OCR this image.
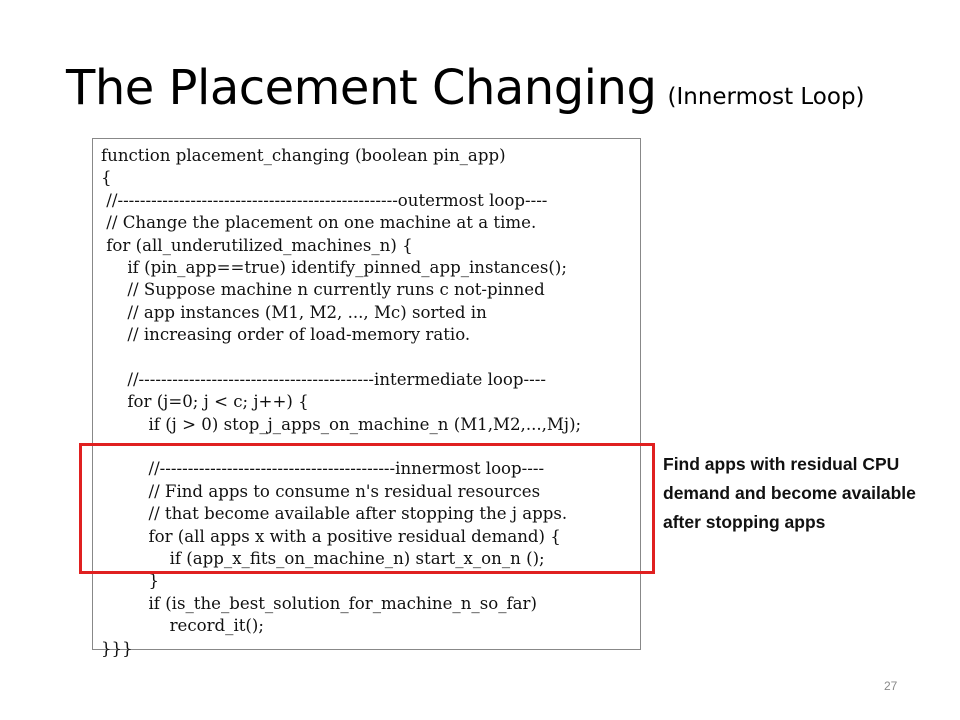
The Placement Changing (Innermost Loop)
function placement_changing (boolean pin_app)
{
//--------------------------------------------------outermost loop----
// Change the placement on one machine at a time.
for (all_underutilized_machines_n) {
if (pin_app==true) identify_pinned_app_instances();
// Suppose machine n currently runs c not-pinned
// app instances (M1, M2, ..., Mc) sorted in
// increasing order of load-memory ratio.
//------------------------------------------intermediate loop----
for (j=0; j < c; j++) {
if (j > 0) stop_j_apps_on_machine_n (M1,M2,...,Mj);
//------------------------------------------innermost loop----
// Find apps to consume n's residual resources
// that become available after stopping the j apps.
for (all apps x with a positive residual demand) {
if (app_x_fits_on_machine_n) start_x_on_n ();
}
if (is_the_best_solution_for_machine_n_so_far)
record_it();
}}}
Find apps with residual CPU demand and become available after stopping apps
27
